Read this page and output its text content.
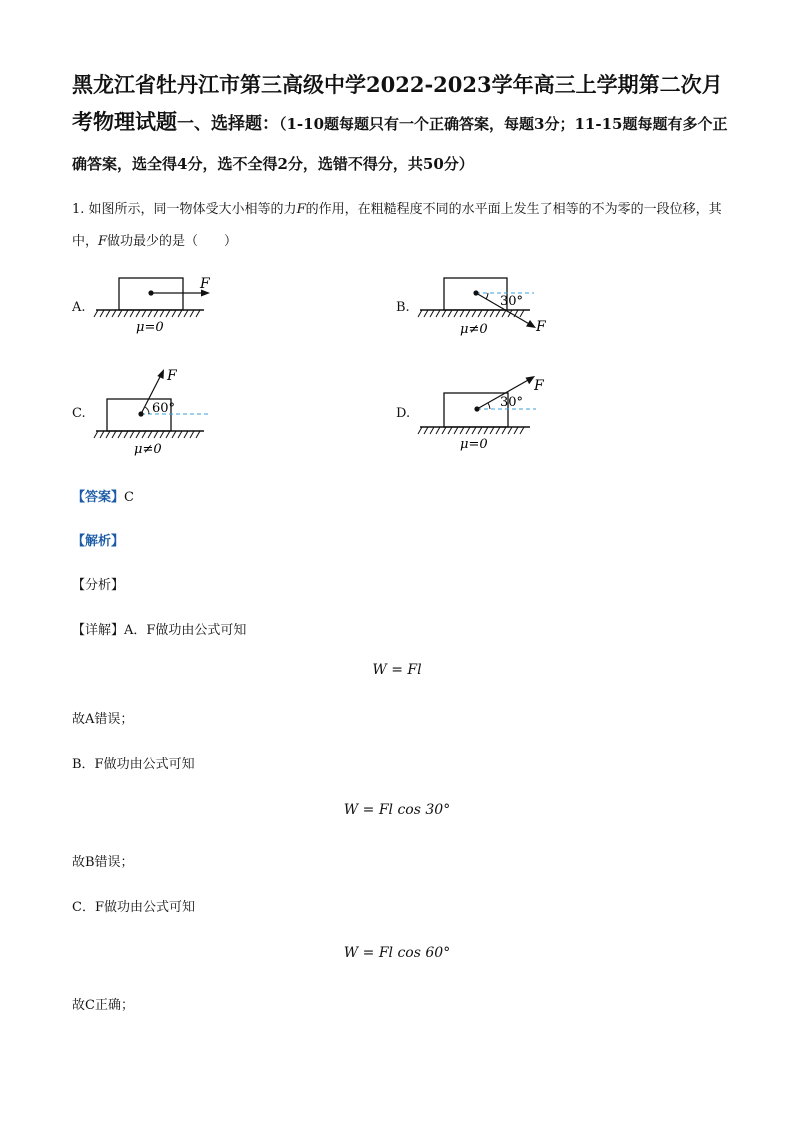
黑龙江省牡丹江市第三高级中学2022-2023学年高三上学期第二次月考物理试题一、选择题：（1-10题每题只有一个正确答案，每题3分；11-15题每题有多个正确答案，选全得4分，选不全得2分，选错不得分，共50分）
1. 如图所示，同一物体受大小相等的力F的作用，在粗糙程度不同的水平面上发生了相等的不为零的一段位移，其中，F做功最少的是（　　）
A.
F
μ=0
B.	30°
F
μ≠0
C.	60°
F
μ≠0
D.
30°
F
μ=0
【答案】C
【解析】
【分析】
【详解】A．F做功由公式可知
W = Fl
故A错误；
B．F做功由公式可知
W = Fl cos 30°
故B错误；
C．F做功由公式可知
W = Fl cos 60°
故C正确；
